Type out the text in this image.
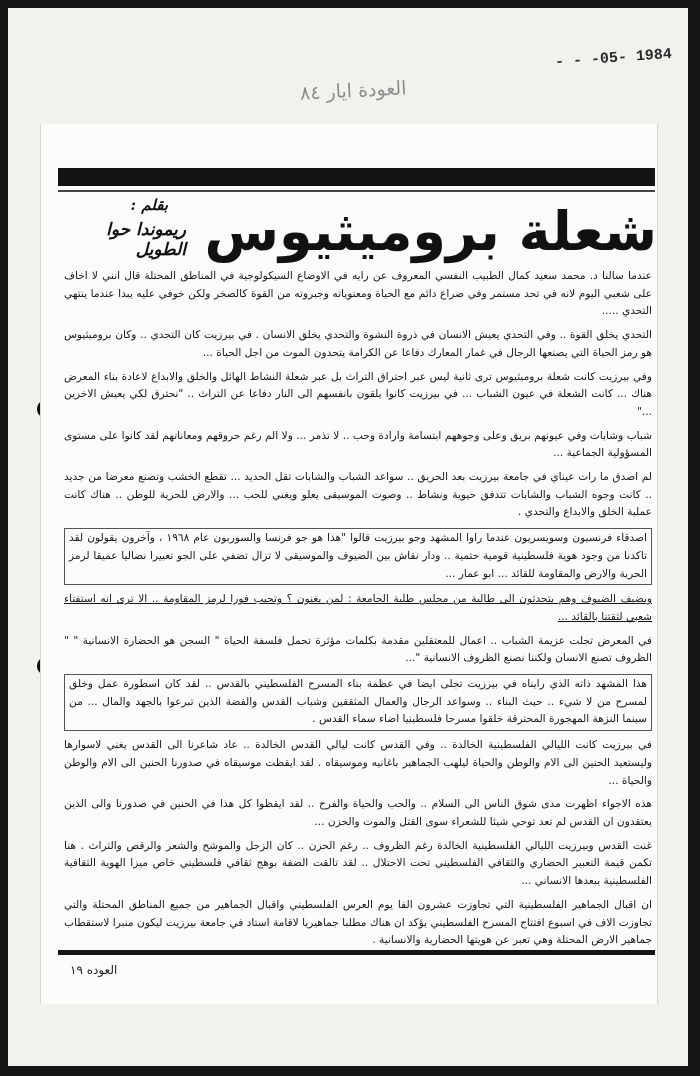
- - -05- 1984
العودة ايار ٨٤
شعلة بروميثيوس
بقلم :
ريموندا حوا الطويل

عندما سالنا د. محمد سعيد كمال الطبيب النفسي المعروف عن رايه في الاوضاع السيكولوجية في المناطق المحتلة قال انني لا اخاف على شعبي اليوم لانه في تحد مستمر وفي صراع دائم مع الحياة ومعنوياته وجبروته من القوة كالصخر ولكن خوفي عليه يبدا عندما ينتهي التحدي .....

التحدي يخلق القوة .. وفي التحدي يعيش الانسان في ذروة النشوة والتحدي يخلق الانسان . في بيرزيت كان التحدي .. وكان بروميثيوس هو رمز الحياة التي يصنعها الرجال في غمار المعارك دفاعا عن الكرامة يتحدون الموت من اجل الحياة ...

وفي بيرزيت كانت شعلة بروميثيوس ترى ثانية ليس عبر احتراق التراث بل عبر شعلة النشاط الهائل والخلق والابداع لاعادة بناء المعرض هناك ... كانت الشعلة في عيون الشباب ... في بيرزيت كانوا يلقون بانفسهم الى النار دفاعا عن التراث .. "نحترق لكي يعيش الاخرين ..."

شباب وشابات وفي عيونهم بريق وعلى وجوههم ابتسامة وارادة وحب .. لا تذمر ... ولا الم رغم حروقهم ومعاناتهم لقد كانوا على مستوى المسؤولية الجماعية ...

لم اصدق ما رات عيناي في جامعة بيرزيت بعد الحريق .. سواعد الشباب والشابات تقل الحديد ... تقطع الخشب وتصنع معرضا من جديد .. كانت وجوه الشباب والشابات تتدفق حيوية ونشاط .. وصوت الموسيقى يعلو ويغني للحب ... والارض للحرية للوطن .. هناك كانت عملية الخلق والابداع والتحدي .

اصدقاء فرنسيون وسويسريون عندما راوا المشهد وجو بيرزيت قالوا "هذا هو جو فرنسا والسوربون عام ١٩٦٨ ، وآخرون يقولون لقد تاكدنا من وجود هوية فلسطينية قومية حتمية .. ودار نقاش بين الضيوف والموسيقى لا تزال تضفي على الجو تعبيرا نضاليا عميقا لرمز الحرية والارض والمقاومة للقائد ... ابو عمار ...

ويضيف الضيوف وهم يتحدثون الى طالبة من مجلس طلبة الجامعة : لمن يغنون ؟ وتجيب فورا لرمز المقاومة .. الا ترى انه استفتاء شعبي لثقتنا بالقائد ...

في المعرض تجلت عزيمة الشباب .. اعمال للمعتقلين مقدمة بكلمات مؤثرة تحمل فلسفة الحياة " السجن هو الحضارة الانسانية " " الظروف تصنع الانسان ولكننا نصنع الظروف الانسانية "...

هذا المشهد ذاته الذي رايناه في بيرزيت تجلى ايضا في عظمة بناء المسرح الفلسطيني بالقدس .. لقد كان اسطورة عمل وخلق لمسرح من لا شيء .. حيث البناء .. وسواعد الرجال والعمال المثقفين وشباب القدس والفضة الذين تبرعوا بالجهد والمال ... من سينما النزهة المهجورة المحترقة خلقوا مسرحا فلسطينيا اضاء سماء القدس .

في بيرزيت كانت الليالي الفلسطينية الخالدة .. وفي القدس كانت ليالي القدس الخالدة .. عاد شاعرنا الى القدس يغني لاسوارها وليستعيد الحنين الى الام والوطن والحياة ليلهب الجماهير باغانيه وموسيقاه . لقد ايقظت موسيقاه في صدورنا الحنين الى الام والوطن والحياة ...

هذه الاجواء اظهرت مدى شوق الناس الى السلام .. والحب والحياة والفرح .. لقد ايقظوا كل هذا في الحنين في صدورنا والى الذين يعتقدون ان القدس لم تعد توحي شيئا للشعراء سوى القتل والموت والحزن ...

غنت القدس وبيرزيت الليالي الفلسطينية الخالدة رغم الظروف .. رغم الحزن .. كان الزجل والموشح والشعر والرقص والتراث . هنا تكمن قيمة التعبير الحضاري والثقافي الفلسطيني تحت الاحتلال .. لقد تالقت الضفة بوهج ثقافي فلسطيني خاص ميزا الهوية الثقافية الفلسطينية ببعدها الانساني ...

ان اقبال الجماهير الفلسطينية التي تجاوزت عشرون الفا يوم العرس الفلسطيني واقبال الجماهير من جميع المناطق المحتلة والتي تجاوزت الاف في اسبوع افتتاح المسرح الفلسطيني يؤكد ان هناك مطلبا جماهيريا لاقامة استاد في جامعة بيرزيت ليكون منبرا لاستقطاب جماهير الارض المحتلة وهي تعبر عن هويتها الحضارية والانسانية .

العوده ١٩
